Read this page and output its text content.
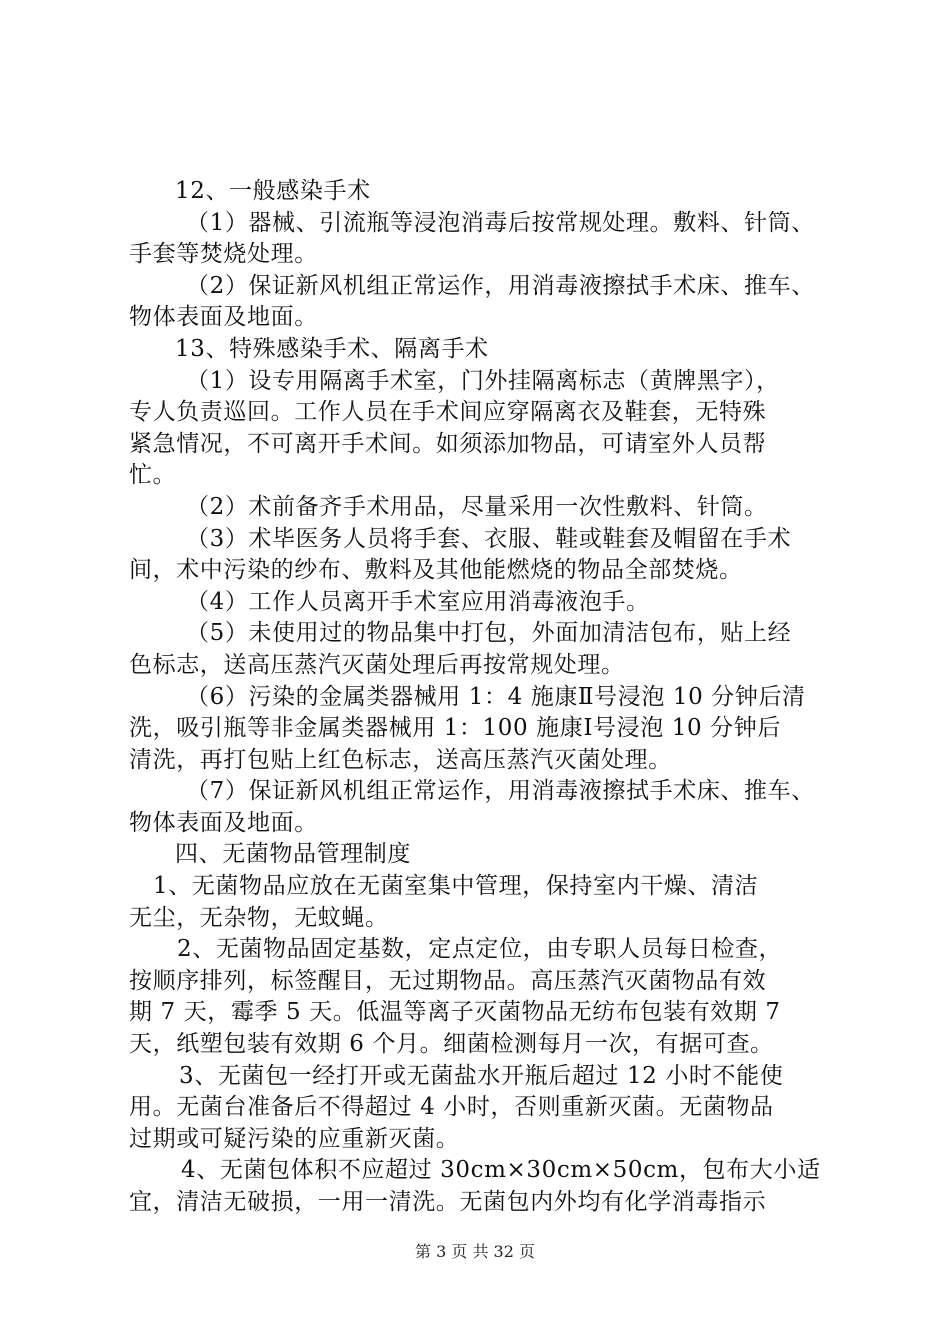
12、一般感染手术
（1）器械、引流瓶等浸泡消毒后按常规处理。敷料、针筒、
手套等焚烧处理。
（2）保证新风机组正常运作，用消毒液擦拭手术床、推车、
物体表面及地面。
13、特殊感染手术、隔离手术
（1）设专用隔离手术室，门外挂隔离标志（黄牌黑字），
专人负责巡回。工作人员在手术间应穿隔离衣及鞋套，无特殊
紧急情况，不可离开手术间。如须添加物品，可请室外人员帮
忙。
（2）术前备齐手术用品，尽量采用一次性敷料、针筒。
（3）术毕医务人员将手套、衣服、鞋或鞋套及帽留在手术
间，术中污染的纱布、敷料及其他能燃烧的物品全部焚烧。
（4）工作人员离开手术室应用消毒液泡手。
（5）未使用过的物品集中打包，外面加清洁包布，贴上经
色标志，送高压蒸汽灭菌处理后再按常规处理。
（6）污染的金属类器械用 1：4 施康Ⅱ号浸泡 10 分钟后清
洗，吸引瓶等非金属类器械用 1：100 施康Ⅰ号浸泡 10 分钟后
清洗，再打包贴上红色标志，送高压蒸汽灭菌处理。
（7）保证新风机组正常运作，用消毒液擦拭手术床、推车、
物体表面及地面。
四、无菌物品管理制度
1、无菌物品应放在无菌室集中管理，保持室内干燥、清洁
无尘，无杂物，无蚊蝇。
2、无菌物品固定基数，定点定位，由专职人员每日检查，
按顺序排列，标签醒目，无过期物品。高压蒸汽灭菌物品有效
期 7 天，霉季 5 天。低温等离子灭菌物品无纺布包装有效期 7
天，纸塑包装有效期 6 个月。细菌检测每月一次，有据可查。
3、无菌包一经打开或无菌盐水开瓶后超过 12 小时不能使
用。无菌台准备后不得超过 4 小时，否则重新灭菌。无菌物品
过期或可疑污染的应重新灭菌。
4、无菌包体积不应超过 30cm×30cm×50cm，包布大小适
宜，清洁无破损，一用一清洗。无菌包内外均有化学消毒指示
第 3 页 共 32 页
